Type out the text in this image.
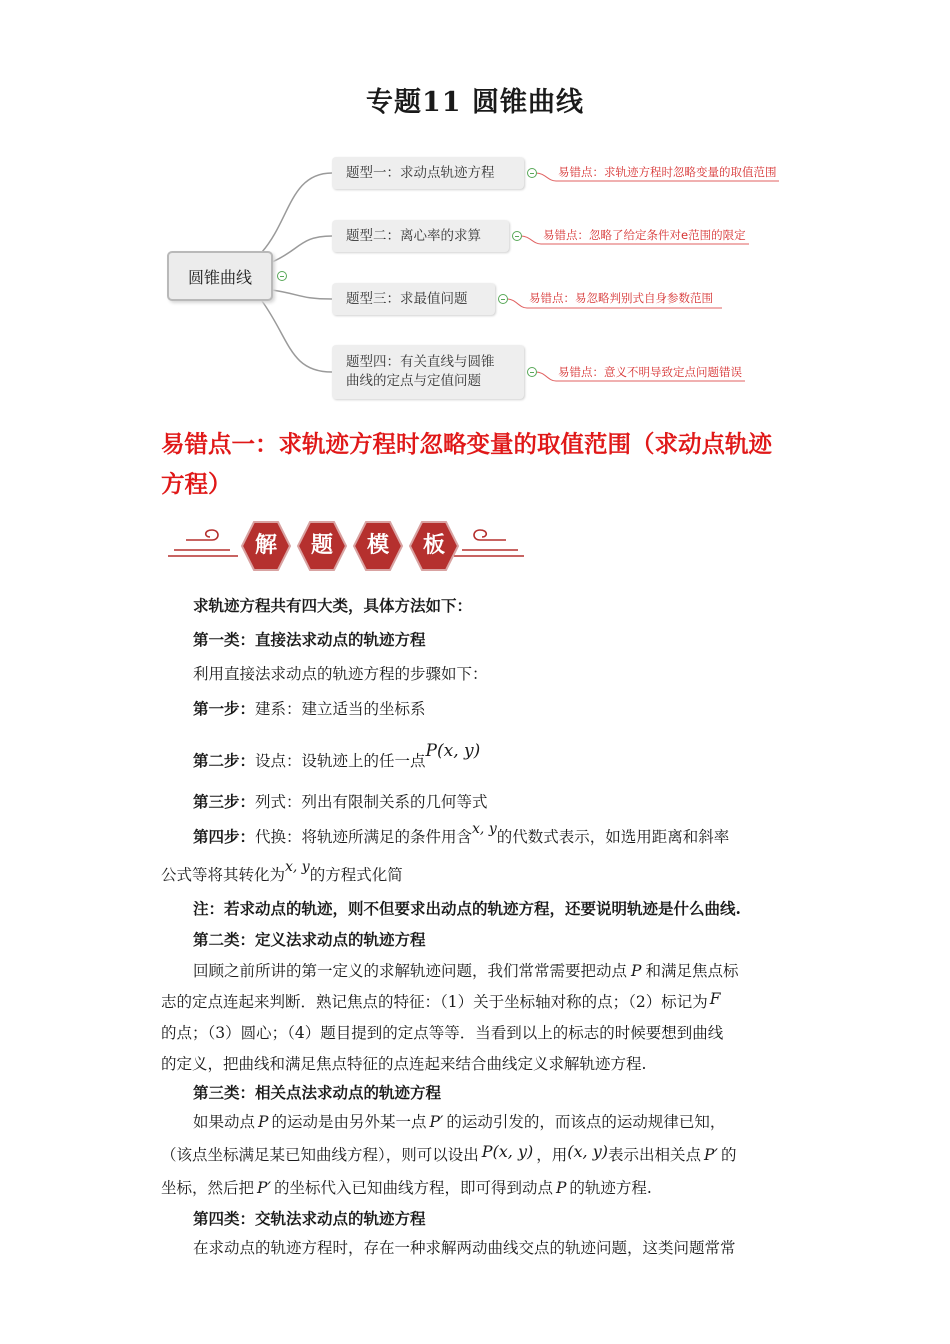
专题11 圆锥曲线
圆锥曲线
题型一：求动点轨迹方程	易错点：求轨迹方程时忽略变量的取值范围
题型二：离心率的求算	易错点：忽略了给定条件对e范围的限定
题型三：求最值问题	易错点：易忽略判别式自身参数范围
题型四：有关直线与圆锥
曲线的定点与定值问题
易错点：意义不明导致定点问题错误
易错点一：求轨迹方程时忽略变量的取值范围（求动点轨迹
方程）
解	题	模	板
求轨迹方程共有四大类，具体方法如下：
第一类：直接法求动点的轨迹方程
利用直接法求动点的轨迹方程的步骤如下：
第一步：建系：建立适当的坐标系
第二步：设点：设轨迹上的任一点P(x, y)
第三步：列式：列出有限制关系的几何等式
第四步：代换：将轨迹所满足的条件用含x, y的代数式表示，如选用距离和斜率
公式等将其转化为x, y的方程式化简
注：若求动点的轨迹，则不但要求出动点的轨迹方程，还要说明轨迹是什么曲线.
第二类：定义法求动点的轨迹方程
回顾之前所讲的第一定义的求解轨迹问题，我们常常需要把动点 P 和满足焦点标
志的定点连起来判断．熟记焦点的特征：（1）关于坐标轴对称的点；（2）标记为 F
的点；（3）圆心；（4）题目提到的定点等等．当看到以上的标志的时候要想到曲线
的定义，把曲线和满足焦点特征的点连起来结合曲线定义求解轨迹方程.
第三类：相关点法求动点的轨迹方程
如果动点 P 的运动是由另外某一点 P′ 的运动引发的，而该点的运动规律已知，
（该点坐标满足某已知曲线方程），则可以设出 P(x, y) ，用(x, y)表示出相关点 P′ 的
坐标，然后把 P′ 的坐标代入已知曲线方程，即可得到动点 P 的轨迹方程.
第四类：交轨法求动点的轨迹方程
在求动点的轨迹方程时，存在一种求解两动曲线交点的轨迹问题，这类问题常常
